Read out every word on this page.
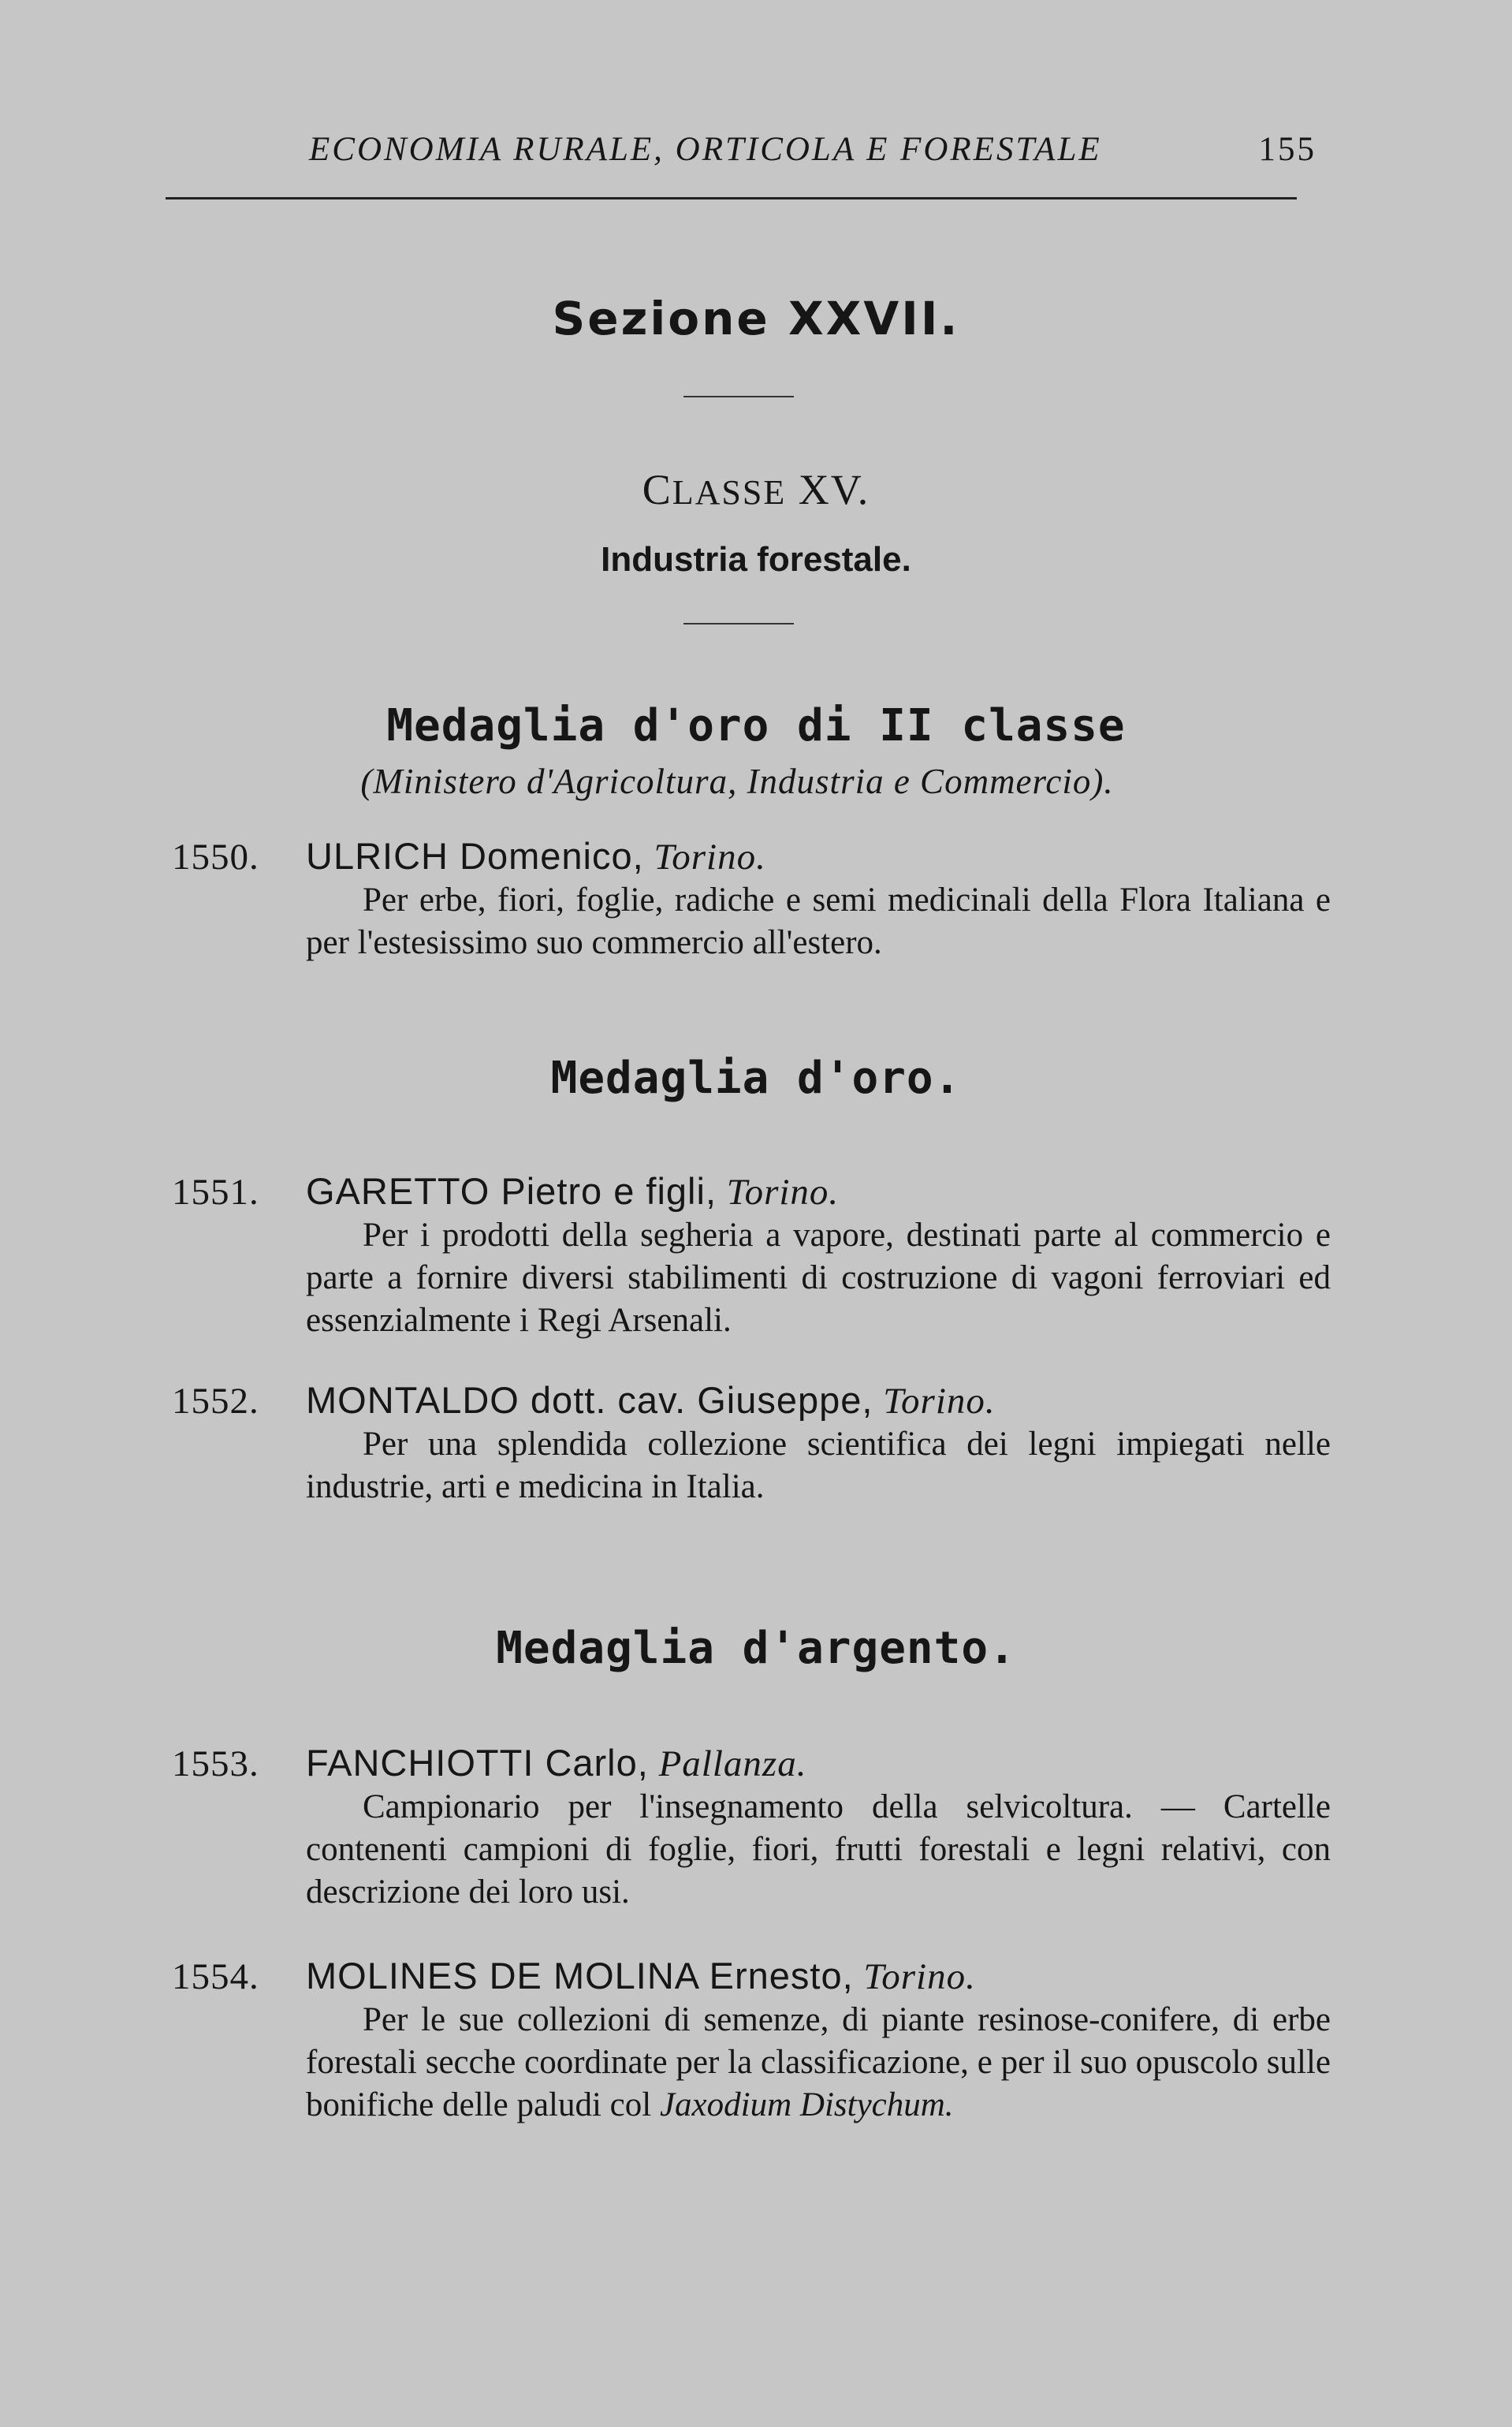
ECONOMIA RURALE, ORTICOLA E FORESTALE	155
Sezione XXVII.
CLASSE XV.
Industria forestale.
Medaglia d'oro di II classe
(Ministero d'Agricoltura, Industria e Commercio).
1550. ULRICH Domenico, Torino.
Per erbe, fiori, foglie, radiche e semi medicinali della Flora Italiana e per l'estesissimo suo commercio all'estero.
Medaglia d'oro.
1551. GARETTO Pietro e figli, Torino.
Per i prodotti della segheria a vapore, destinati parte al commercio e parte a fornire diversi stabilimenti di costruzione di vagoni ferroviari ed essenzialmente i Regi Arsenali.
1552. MONTALDO dott. cav. Giuseppe, Torino.
Per una splendida collezione scientifica dei legni impiegati nelle industrie, arti e medicina in Italia.
Medaglia d'argento.
1553. FANCHIOTTI Carlo, Pallanza.
Campionario per l'insegnamento della selvicoltura. — Cartelle contenenti campioni di foglie, fiori, frutti forestali e legni relativi, con descrizione dei loro usi.
1554. MOLINES DE MOLINA Ernesto, Torino.
Per le sue collezioni di semenze, di piante resinose-conifere, di erbe forestali secche coordinate per la classificazione, e per il suo opuscolo sulle bonifiche delle paludi col Jaxodium Distychum.
